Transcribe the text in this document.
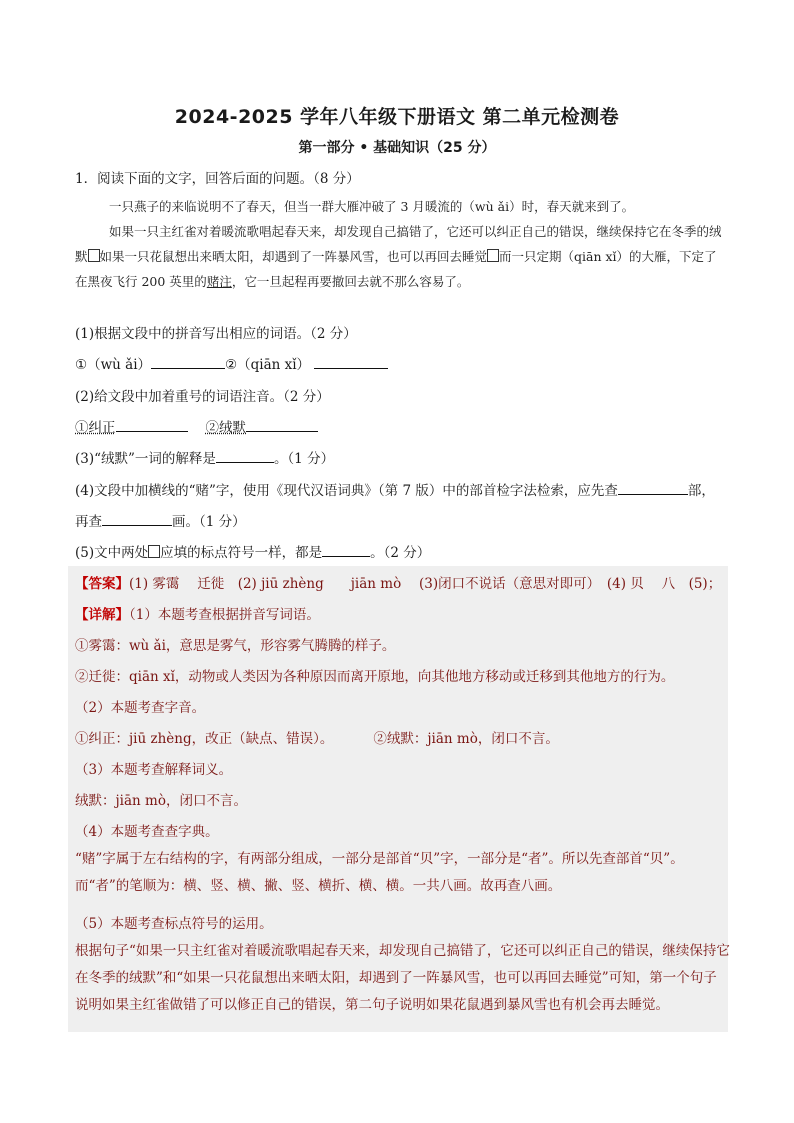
2024-2025 学年八年级下册语文 第二单元检测卷
第一部分 • 基础知识（25 分）
1．阅读下面的文字，回答后面的问题。（8 分）

一只燕子的来临说明不了春天，但当一群大雁冲破了 3 月暖流的（wù ǎi）时，春天就来到了。

如果一只主红雀对着暖流歌唱起春天来，却发现自己搞错了，它还可以纠正自己的错误，继续保持它在冬季的绒默 如果一只花鼠想出来晒太阳，却遇到了一阵暴风雪，也可以再回去睡觉 而一只定期（qiān xǐ）的大雁，下定了在黑夜飞行 200 英里的赌注，它一旦起程再要撤回去就不那么容易了。

(1)根据文段中的拼音写出相应的词语。（2 分）
①（wù ǎi）	②（qiān xǐ）
(2)给文段中加着重号的词语注音。（2 分）
①纠正	②绒默
(3)“绒默”一词的解释是	。（1 分）
(4)文段中加横线的“赌”字，使用《现代汉语词典》（第 7 版）中的部首检字法检索，应先查	部，
再查	画。（1 分）
(5)文中两处 应填的标点符号一样，都是	。（2 分）
【答案】(1) 雾霭　 迁徙　(2) jiū zhèng　　jiān mò　 (3)闭口不说话（意思对即可）　(4) 贝　 八　(5)；
【详解】（1）本题考查根据拼音写词语。
①雾霭：wù ǎi，意思是雾气，形容雾气腾腾的样子。
②迁徙：qiān xǐ，动物或人类因为各种原因而离开原地，向其他地方移动或迁移到其他地方的行为。
（2）本题考查字音。
①纠正：jiū zhèng，改正（缺点、错误）。	②绒默：jiān mò，闭口不言。
（3）本题考查解释词义。
绒默：jiān mò，闭口不言。
（4）本题考查查字典。
“赌”字属于左右结构的字，有两部分组成，一部分是部首“贝”字，一部分是“者”。所以先查部首“贝”。而“者”的笔顺为：横、竖、横、撇、竖、横折、横、横。一共八画。故再查八画。
（5）本题考查标点符号的运用。
根据句子“如果一只主红雀对着暖流歌唱起春天来，却发现自己搞错了，它还可以纠正自己的错误，继续保持它在冬季的绒默”和“如果一只花鼠想出来晒太阳，却遇到了一阵暴风雪，也可以再回去睡觉”可知，第一个句子说明如果主红雀做错了可以修正自己的错误，第二句子说明如果花鼠遇到暴风雪也有机会再去睡觉。
